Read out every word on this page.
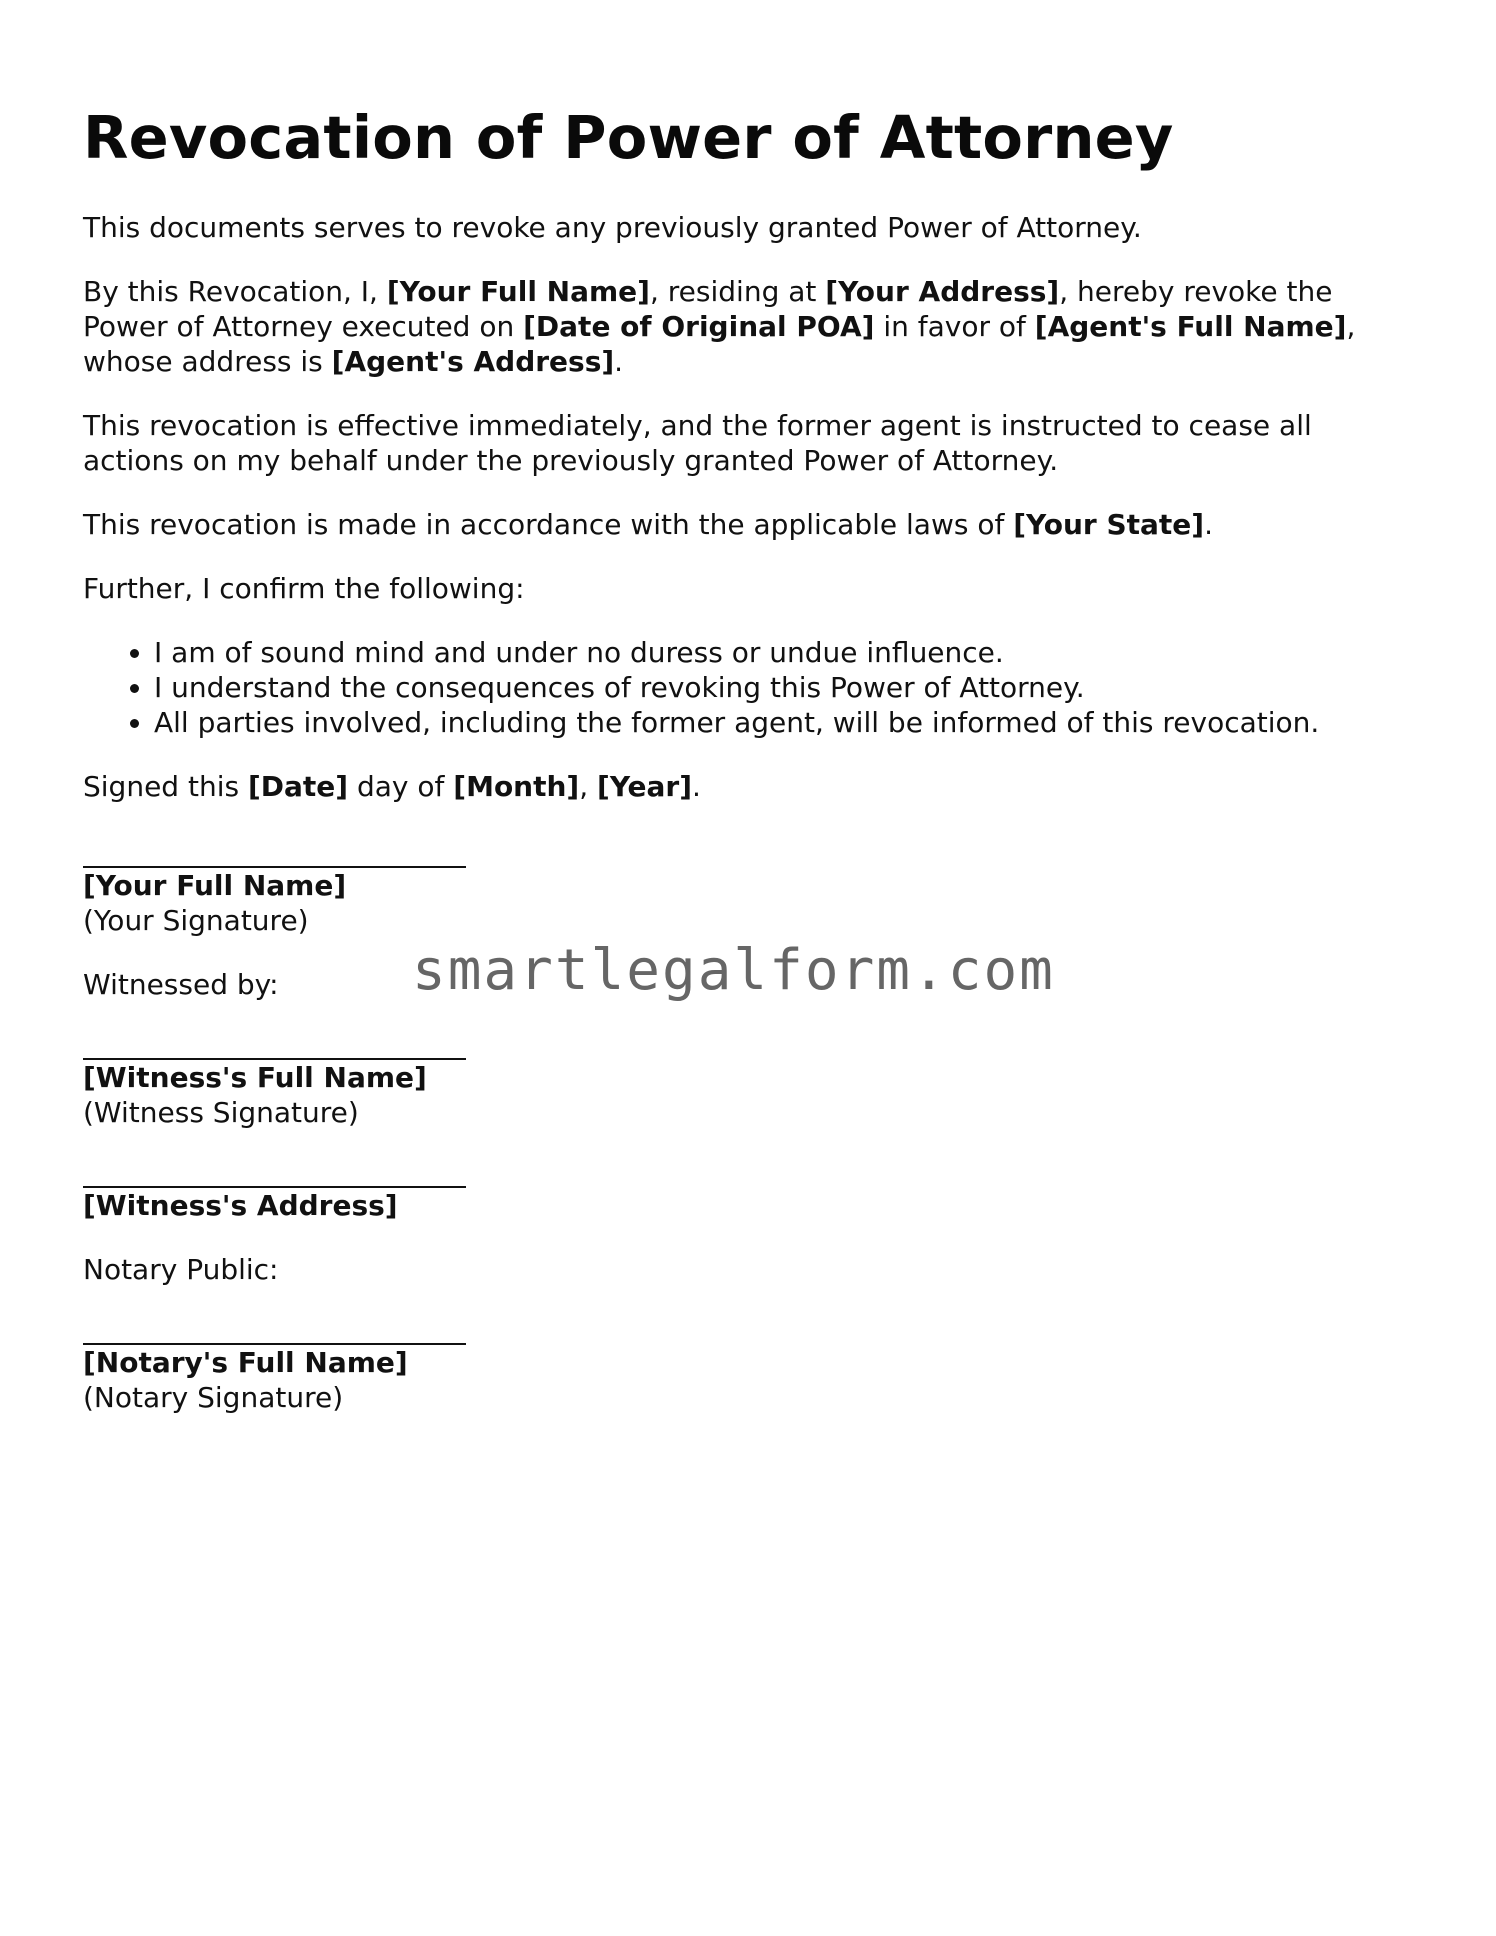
Revocation of Power of Attorney

This documents serves to revoke any previously granted Power of Attorney.

By this Revocation, I, [Your Full Name], residing at [Your Address], hereby revoke the Power of Attorney executed on [Date of Original POA] in favor of [Agent's Full Name], whose address is [Agent's Address].

This revocation is effective immediately, and the former agent is instructed to cease all actions on my behalf under the previously granted Power of Attorney.

This revocation is made in accordance with the applicable laws of [Your State].

Further, I confirm the following:

• I am of sound mind and under no duress or undue influence.
• I understand the consequences of revoking this Power of Attorney.
• All parties involved, including the former agent, will be informed of this revocation.

Signed this [Date] day of [Month], [Year].

[Your Full Name]
(Your Signature)

Witnessed by:

[Witness's Full Name]
(Witness Signature)
[Witness's Address]

Notary Public:

[Notary's Full Name]
(Notary Signature)
smartlegalform.com
